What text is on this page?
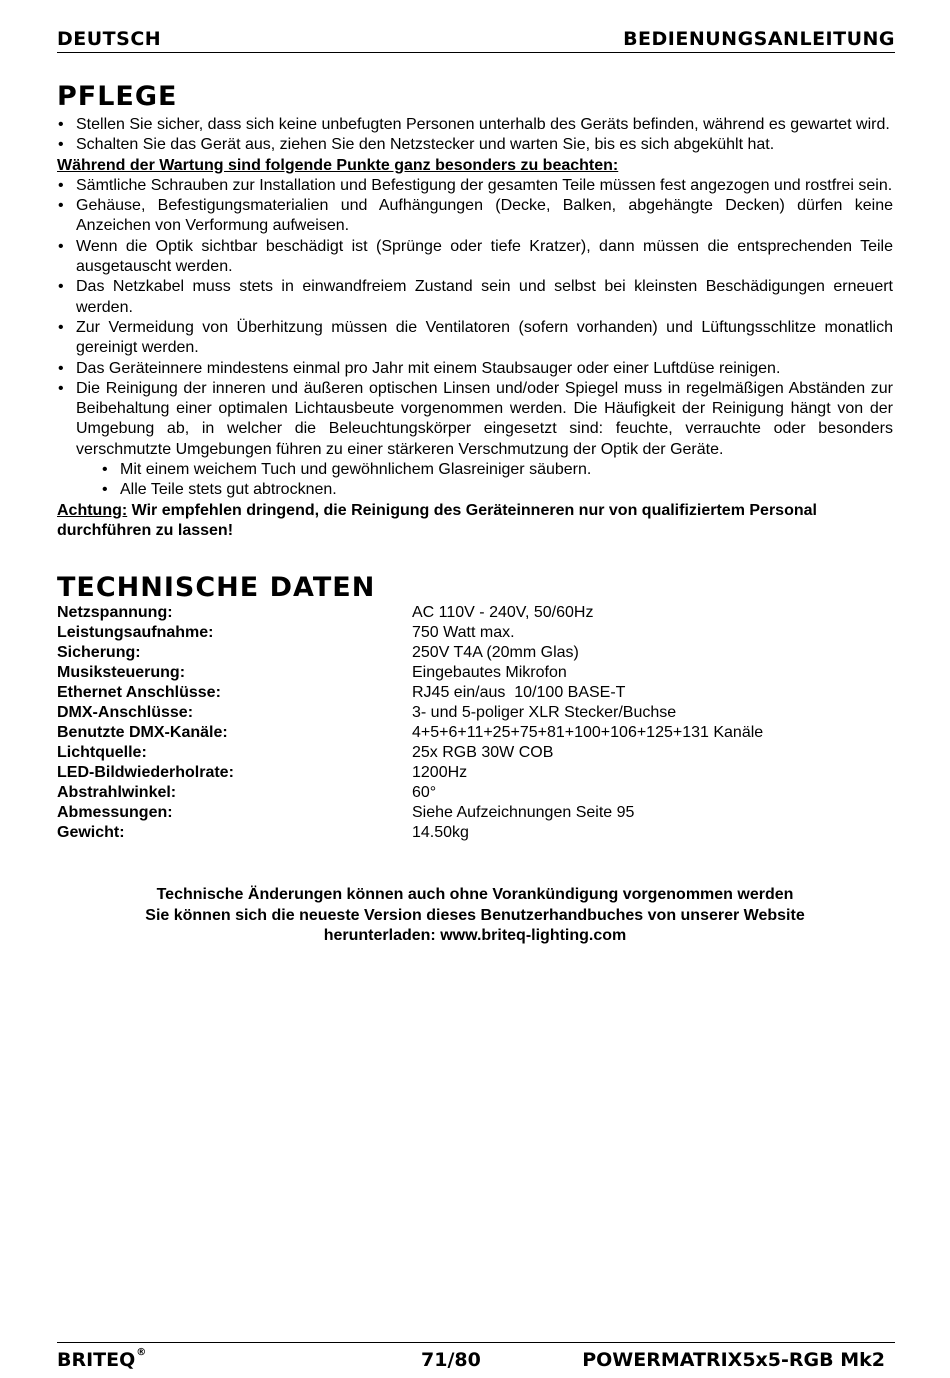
DEUTSCH	BEDIENUNGSANLEITUNG
PFLEGE
• Stellen Sie sicher, dass sich keine unbefugten Personen unterhalb des Geräts befinden, während es gewartet wird.
• Schalten Sie das Gerät aus, ziehen Sie den Netzstecker und warten Sie, bis es sich abgekühlt hat.
Während der Wartung sind folgende Punkte ganz besonders zu beachten:
• Sämtliche Schrauben zur Installation und Befestigung der gesamten Teile müssen fest angezogen und rostfrei sein.
• Gehäuse, Befestigungsmaterialien und Aufhängungen (Decke, Balken, abgehängte Decken) dürfen keine Anzeichen von Verformung aufweisen.
• Wenn die Optik sichtbar beschädigt ist (Sprünge oder tiefe Kratzer), dann müssen die entsprechenden Teile ausgetauscht werden.
• Das Netzkabel muss stets in einwandfreiem Zustand sein und selbst bei kleinsten Beschädigungen erneuert werden.
• Zur Vermeidung von Überhitzung müssen die Ventilatoren (sofern vorhanden) und Lüftungsschlitze monatlich gereinigt werden.
• Das Geräteinnere mindestens einmal pro Jahr mit einem Staubsauger oder einer Luftdüse reinigen.
• Die Reinigung der inneren und äußeren optischen Linsen und/oder Spiegel muss in regelmäßigen Abständen zur Beibehaltung einer optimalen Lichtausbeute vorgenommen werden. Die Häufigkeit der Reinigung hängt von der Umgebung ab, in welcher die Beleuchtungskörper eingesetzt sind: feuchte, verrauchte oder besonders verschmutzte Umgebungen führen zu einer stärkeren Verschmutzung der Optik der Geräte.
• Mit einem weichem Tuch und gewöhnlichem Glasreiniger säubern.
• Alle Teile stets gut abtrocknen.
Achtung: Wir empfehlen dringend, die Reinigung des Geräteinneren nur von qualifiziertem Personal durchführen zu lassen!
TECHNISCHE DATEN
Netzspannung:	AC 110V - 240V, 50/60Hz
Leistungsaufnahme:	750 Watt max.
Sicherung:	250V T4A (20mm Glas)
Musiksteuerung:	Eingebautes Mikrofon
Ethernet Anschlüsse:	RJ45 ein/aus  10/100 BASE-T
DMX-Anschlüsse:	3- und 5-poliger XLR Stecker/Buchse
Benutzte DMX-Kanäle:	4+5+6+11+25+75+81+100+106+125+131 Kanäle
Lichtquelle:	25x RGB 30W COB
LED-Bildwiederholrate:	1200Hz
Abstrahlwinkel:	60°
Abmessungen:	Siehe Aufzeichnungen Seite 95
Gewicht:	14.50kg
Technische Änderungen können auch ohne Vorankündigung vorgenommen werden
Sie können sich die neueste Version dieses Benutzerhandbuches von unserer Website
herunterladen: www.briteq-lighting.com
BRITEQ®	71/80	POWERMATRIX5x5-RGB Mk2
